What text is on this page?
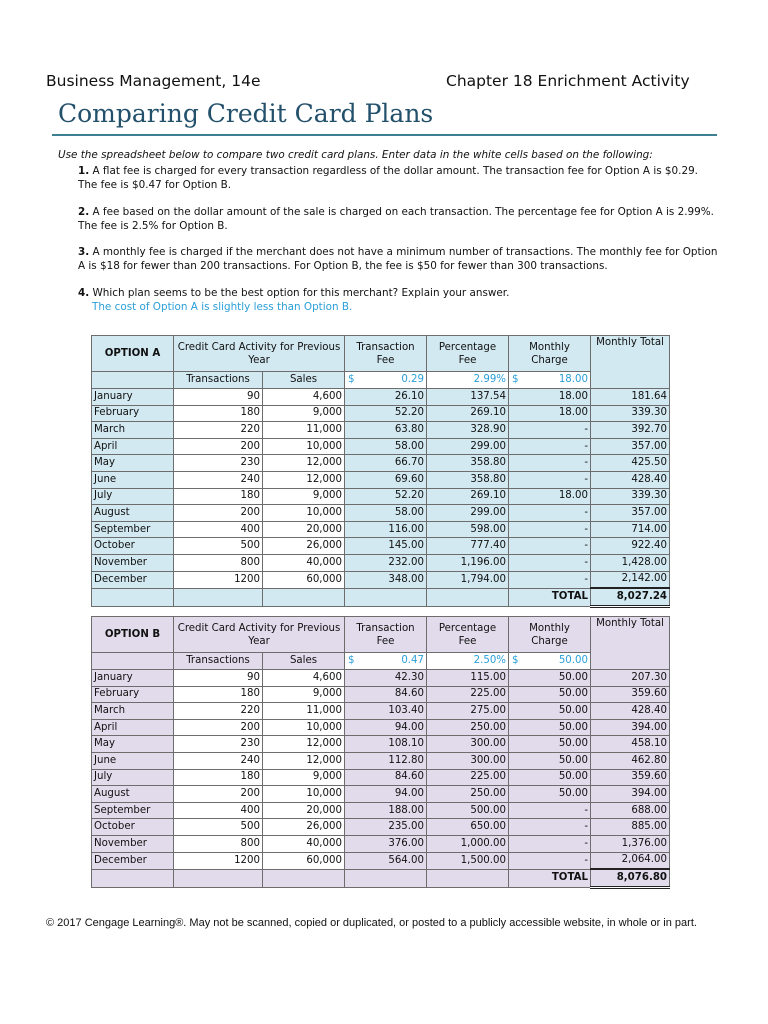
Business Management, 14e	Chapter 18 Enrichment Activity
Comparing Credit Card Plans
Use the spreadsheet below to compare two credit card plans. Enter data in the white cells based on the following:
1. A flat fee is charged for every transaction regardless of the dollar amount. The transaction fee for Option A is $0.29. The fee is $0.47 for Option B.
2. A fee based on the dollar amount of the sale is charged on each transaction. The percentage fee for Option A is 2.99%. The fee is 2.5% for Option B.
3. A monthly fee is charged if the merchant does not have a minimum number of transactions. The monthly fee for Option A is $18 for fewer than 200 transactions. For Option B, the fee is $50 for fewer than 300 transactions.
4. Which plan seems to be the best option for this merchant? Explain your answer.
The cost of Option A is slightly less than Option B.
OPTION A	Credit Card Activity for Previous Year		Transaction Fee	Percentage Fee	Monthly Charge	Monthly Total
	Transactions	Sales	$ 0.29	2.99%	$ 18.00	
January	90	4,600	26.10	137.54	18.00	181.64
February	180	9,000	52.20	269.10	18.00	339.30
March	220	11,000	63.80	328.90	-	392.70
April	200	10,000	58.00	299.00	-	357.00
May	230	12,000	66.70	358.80	-	425.50
June	240	12,000	69.60	358.80	-	428.40
July	180	9,000	52.20	269.10	18.00	339.30
August	200	10,000	58.00	299.00	-	357.00
September	400	20,000	116.00	598.00	-	714.00
October	500	26,000	145.00	777.40	-	922.40
November	800	40,000	232.00	1,196.00	-	1,428.00
December	1200	60,000	348.00	1,794.00	-	2,142.00
					TOTAL	8,027.24
OPTION B	Credit Card Activity for Previous Year		Transaction Fee	Percentage Fee	Monthly Charge	Monthly Total
	Transactions	Sales	$ 0.47	2.50%	$ 50.00	
January	90	4,600	42.30	115.00	50.00	207.30
February	180	9,000	84.60	225.00	50.00	359.60
March	220	11,000	103.40	275.00	50.00	428.40
April	200	10,000	94.00	250.00	50.00	394.00
May	230	12,000	108.10	300.00	50.00	458.10
June	240	12,000	112.80	300.00	50.00	462.80
July	180	9,000	84.60	225.00	50.00	359.60
August	200	10,000	94.00	250.00	50.00	394.00
September	400	20,000	188.00	500.00	-	688.00
October	500	26,000	235.00	650.00	-	885.00
November	800	40,000	376.00	1,000.00	-	1,376.00
December	1200	60,000	564.00	1,500.00	-	2,064.00
					TOTAL	8,076.80
© 2017 Cengage Learning®. May not be scanned, copied or duplicated, or posted to a publicly accessible website, in whole or in part.
